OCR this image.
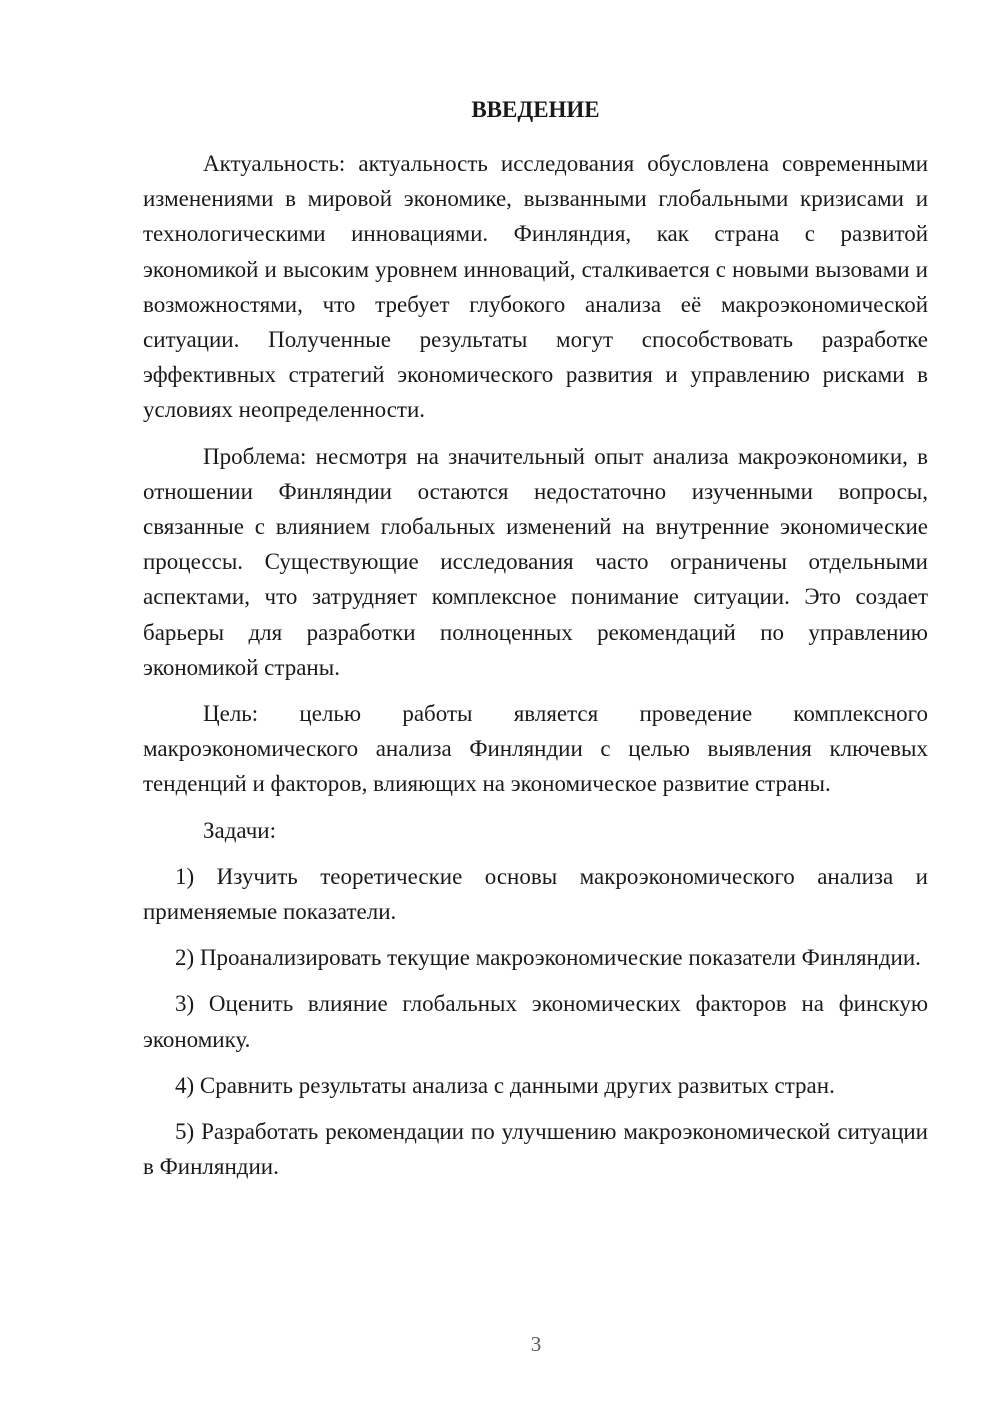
ВВЕДЕНИЕ

Актуальность: актуальность исследования обусловлена современными изменениями в мировой экономике, вызванными глобальными кризисами и технологическими инновациями. Финляндия, как страна с развитой экономикой и высоким уровнем инноваций, сталкивается с новыми вызовами и возможностями, что требует глубокого анализа её макроэкономической ситуации. Полученные результаты могут способствовать разработке эффективных стратегий экономического развития и управлению рисками в условиях неопределенности.

Проблема: несмотря на значительный опыт анализа макроэкономики, в отношении Финляндии остаются недостаточно изученными вопросы, связанные с влиянием глобальных изменений на внутренние экономические процессы. Существующие исследования часто ограничены отдельными аспектами, что затрудняет комплексное понимание ситуации. Это создает барьеры для разработки полноценных рекомендаций по управлению экономикой страны.

Цель: целью работы является проведение комплексного макроэкономического анализа Финляндии с целью выявления ключевых тенденций и факторов, влияющих на экономическое развитие страны.

Задачи:

1) Изучить теоретические основы макроэкономического анализа и применяемые показатели.

2) Проанализировать текущие макроэкономические показатели Финляндии.

3) Оценить влияние глобальных экономических факторов на финскую экономику.

4) Сравнить результаты анализа с данными других развитых стран.

5) Разработать рекомендации по улучшению макроэкономической ситуации в Финляндии.

3
